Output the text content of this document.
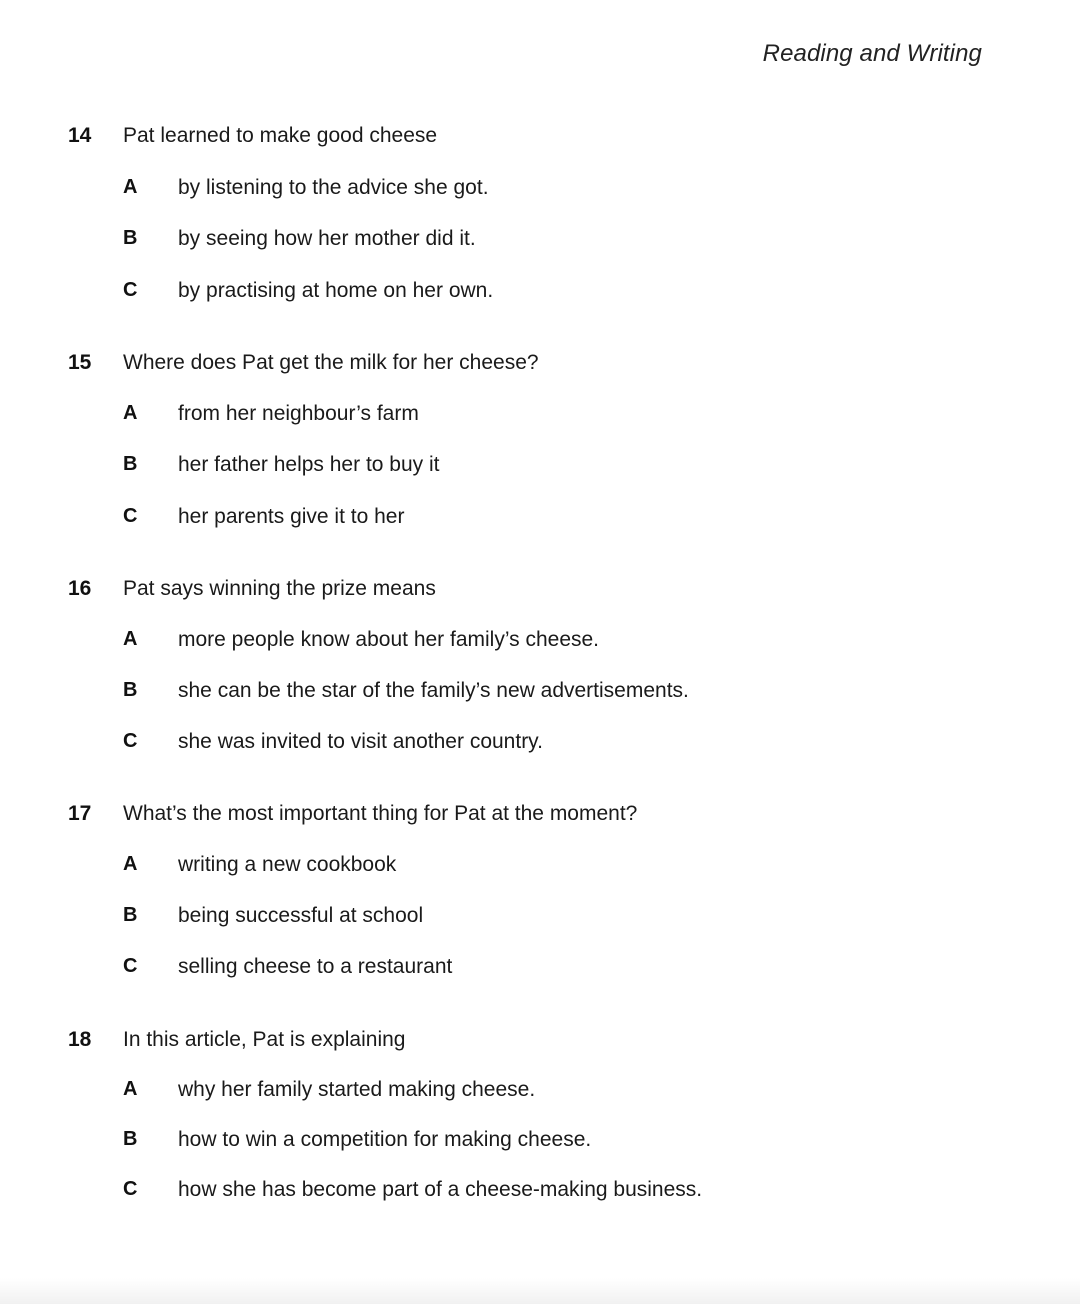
Reading and Writing
14 Pat learned to make good cheese
A by listening to the advice she got.
B by seeing how her mother did it.
C by practising at home on her own.
15 Where does Pat get the milk for her cheese?
A from her neighbour’s farm
B her father helps her to buy it
C her parents give it to her
16 Pat says winning the prize means
A more people know about her family’s cheese.
B she can be the star of the family’s new advertisements.
C she was invited to visit another country.
17 What’s the most important thing for Pat at the moment?
A writing a new cookbook
B being successful at school
C selling cheese to a restaurant
18 In this article, Pat is explaining
A why her family started making cheese.
B how to win a competition for making cheese.
C how she has become part of a cheese-making business.
